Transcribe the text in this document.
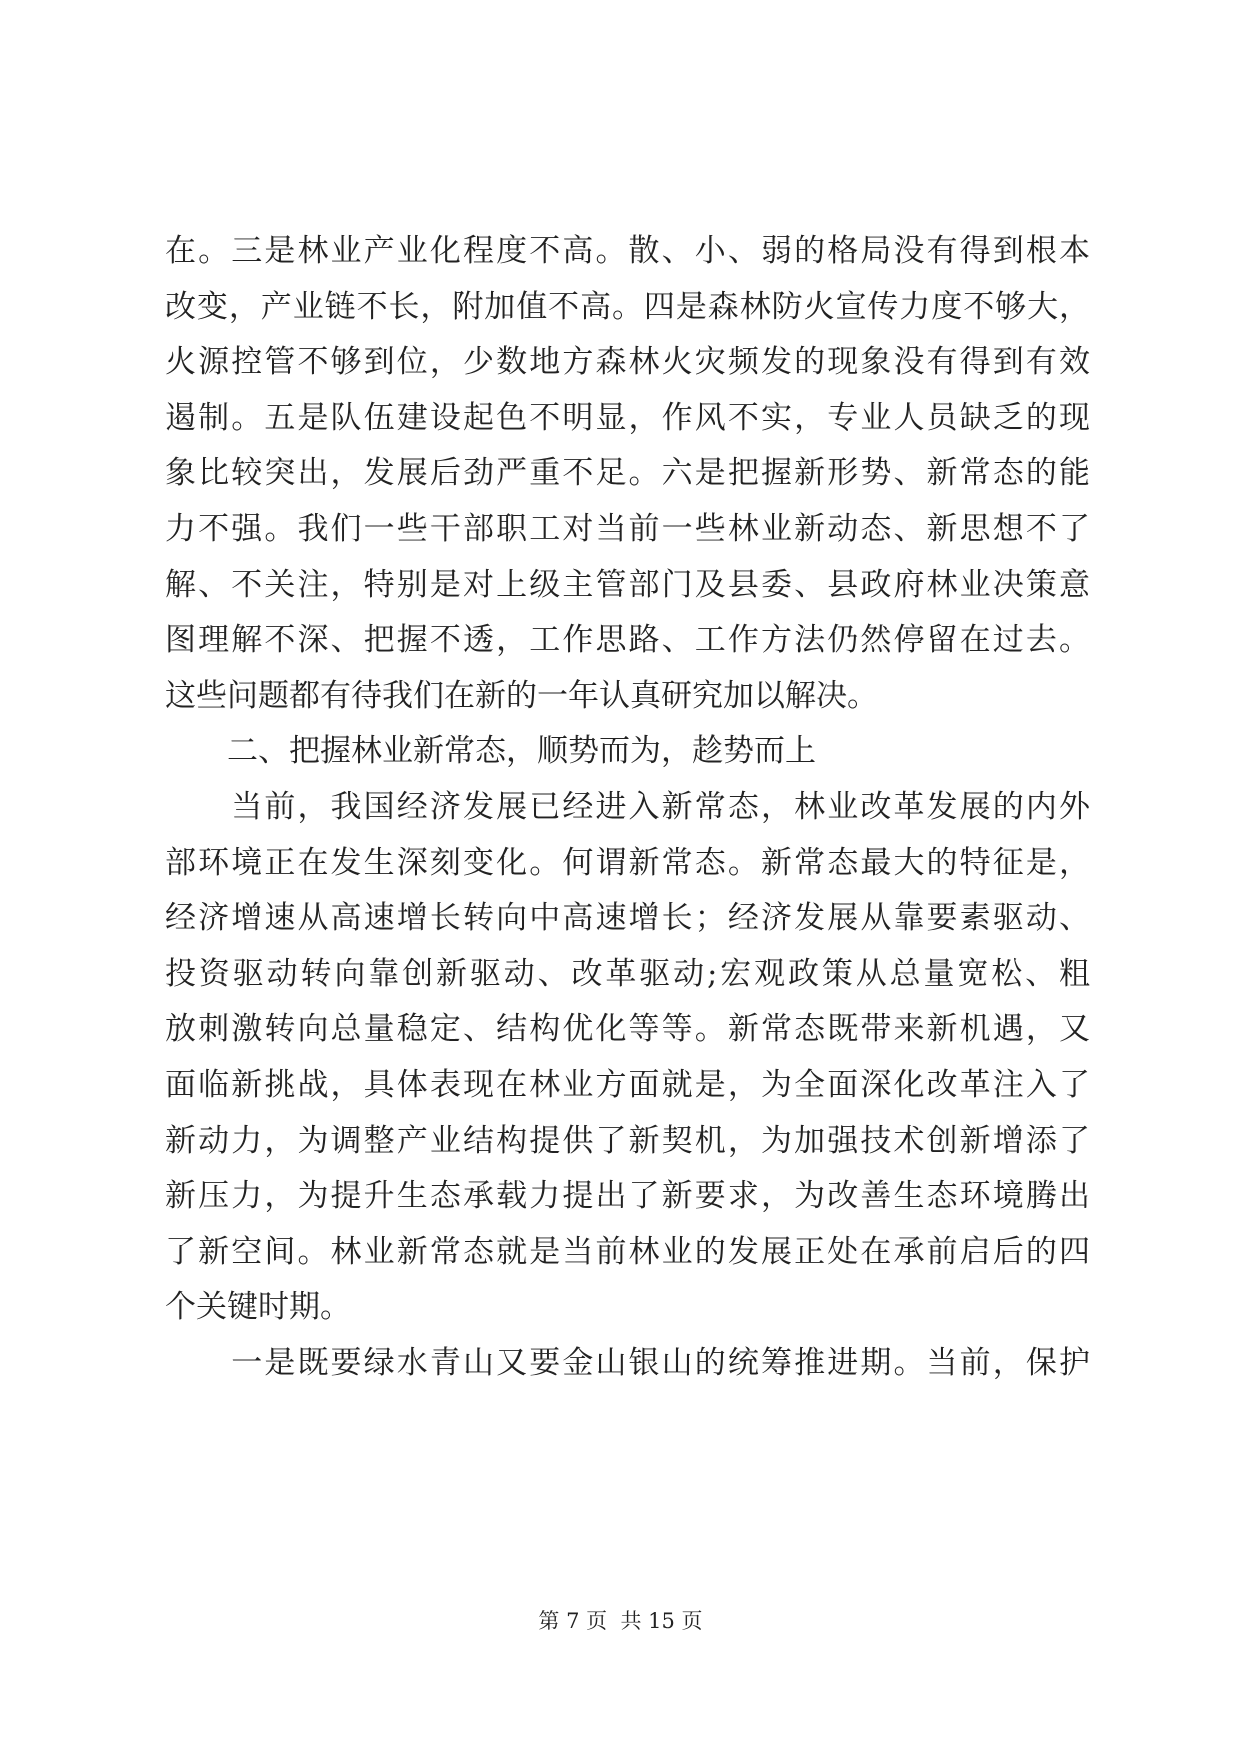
在。三是林业产业化程度不高。散、小、弱的格局没有得到根本
改变，产业链不长，附加值不高。四是森林防火宣传力度不够大，
火源控管不够到位，少数地方森林火灾频发的现象没有得到有效
遏制。五是队伍建设起色不明显，作风不实，专业人员缺乏的现
象比较突出，发展后劲严重不足。六是把握新形势、新常态的能
力不强。我们一些干部职工对当前一些林业新动态、新思想不了
解、不关注，特别是对上级主管部门及县委、县政府林业决策意
图理解不深、把握不透，工作思路、工作方法仍然停留在过去。
这些问题都有待我们在新的一年认真研究加以解决。
　　二、把握林业新常态，顺势而为，趁势而上
　　当前，我国经济发展已经进入新常态，林业改革发展的内外
部环境正在发生深刻变化。何谓新常态。新常态最大的特征是，
经济增速从高速增长转向中高速增长；经济发展从靠要素驱动、
投资驱动转向靠创新驱动、改革驱动;宏观政策从总量宽松、粗
放刺激转向总量稳定、结构优化等等。新常态既带来新机遇，又
面临新挑战，具体表现在林业方面就是，为全面深化改革注入了
新动力，为调整产业结构提供了新契机，为加强技术创新增添了
新压力，为提升生态承载力提出了新要求，为改善生态环境腾出
了新空间。林业新常态就是当前林业的发展正处在承前启后的四
个关键时期。
　　一是既要绿水青山又要金山银山的统筹推进期。当前，保护
第 7 页  共 15 页
